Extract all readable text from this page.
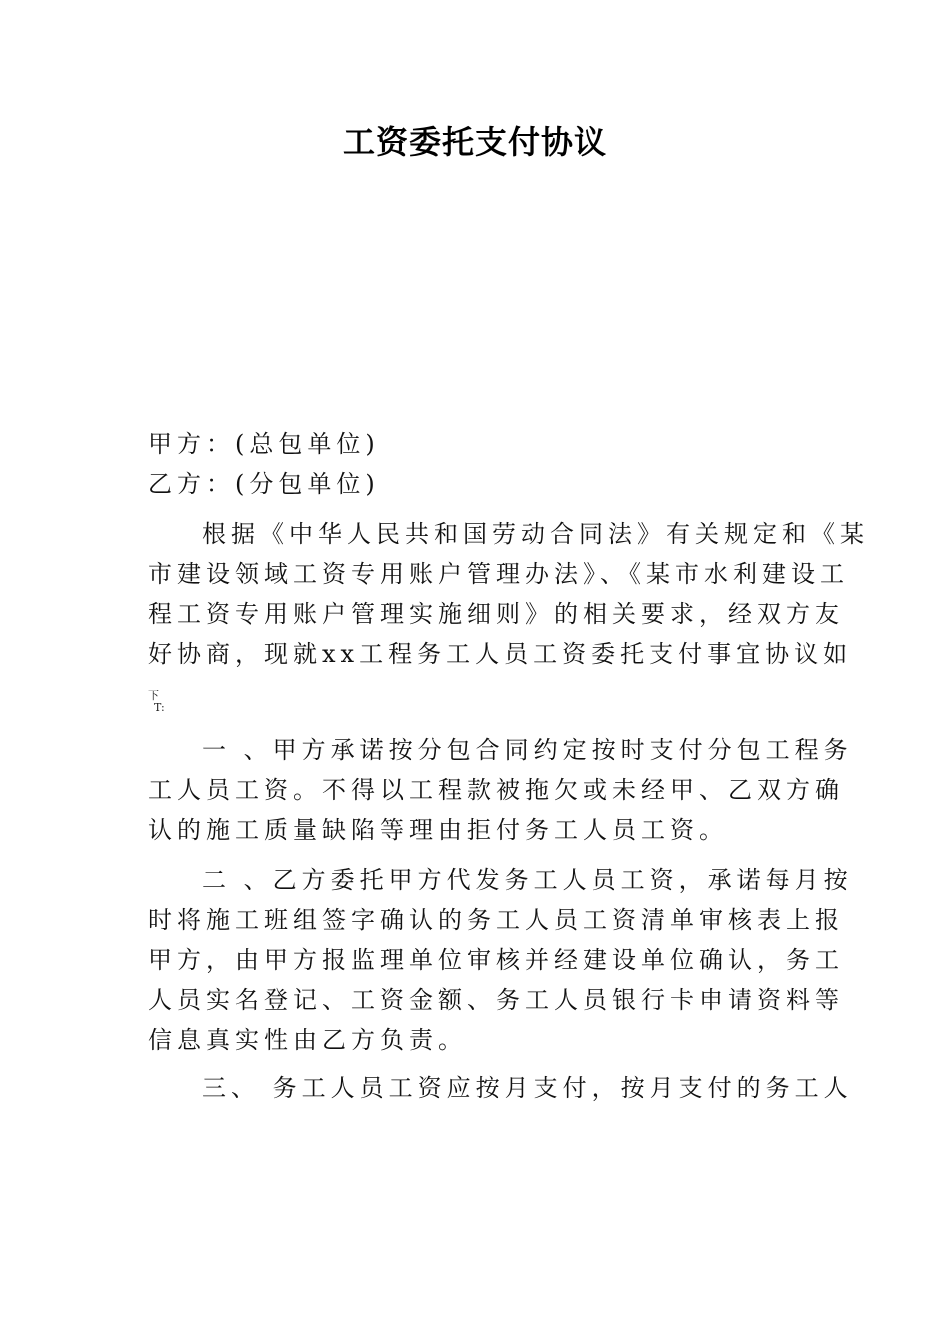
工资委托支付协议
甲方：(总包单位)
乙方：(分包单位)
根据《中华人民共和国劳动合同法》有关规定和《某
市建设领域工资专用账户管理办法》、《某市水利建设工
程工资专用账户管理实施细则》的相关要求，经双方友
好协商，现就xx工程务工人员工资委托支付事宜协议如
下
T:
一 、甲方承诺按分包合同约定按时支付分包工程务
工人员工资。不得以工程款被拖欠或未经甲、乙双方确
认的施工质量缺陷等理由拒付务工人员工资。
二 、乙方委托甲方代发务工人员工资，承诺每月按
时将施工班组签字确认的务工人员工资清单审核表上报
甲方，由甲方报监理单位审核并经建设单位确认，务工
人员实名登记、工资金额、务工人员银行卡申请资料等
信息真实性由乙方负责。
三、 务工人员工资应按月支付，按月支付的务工人
